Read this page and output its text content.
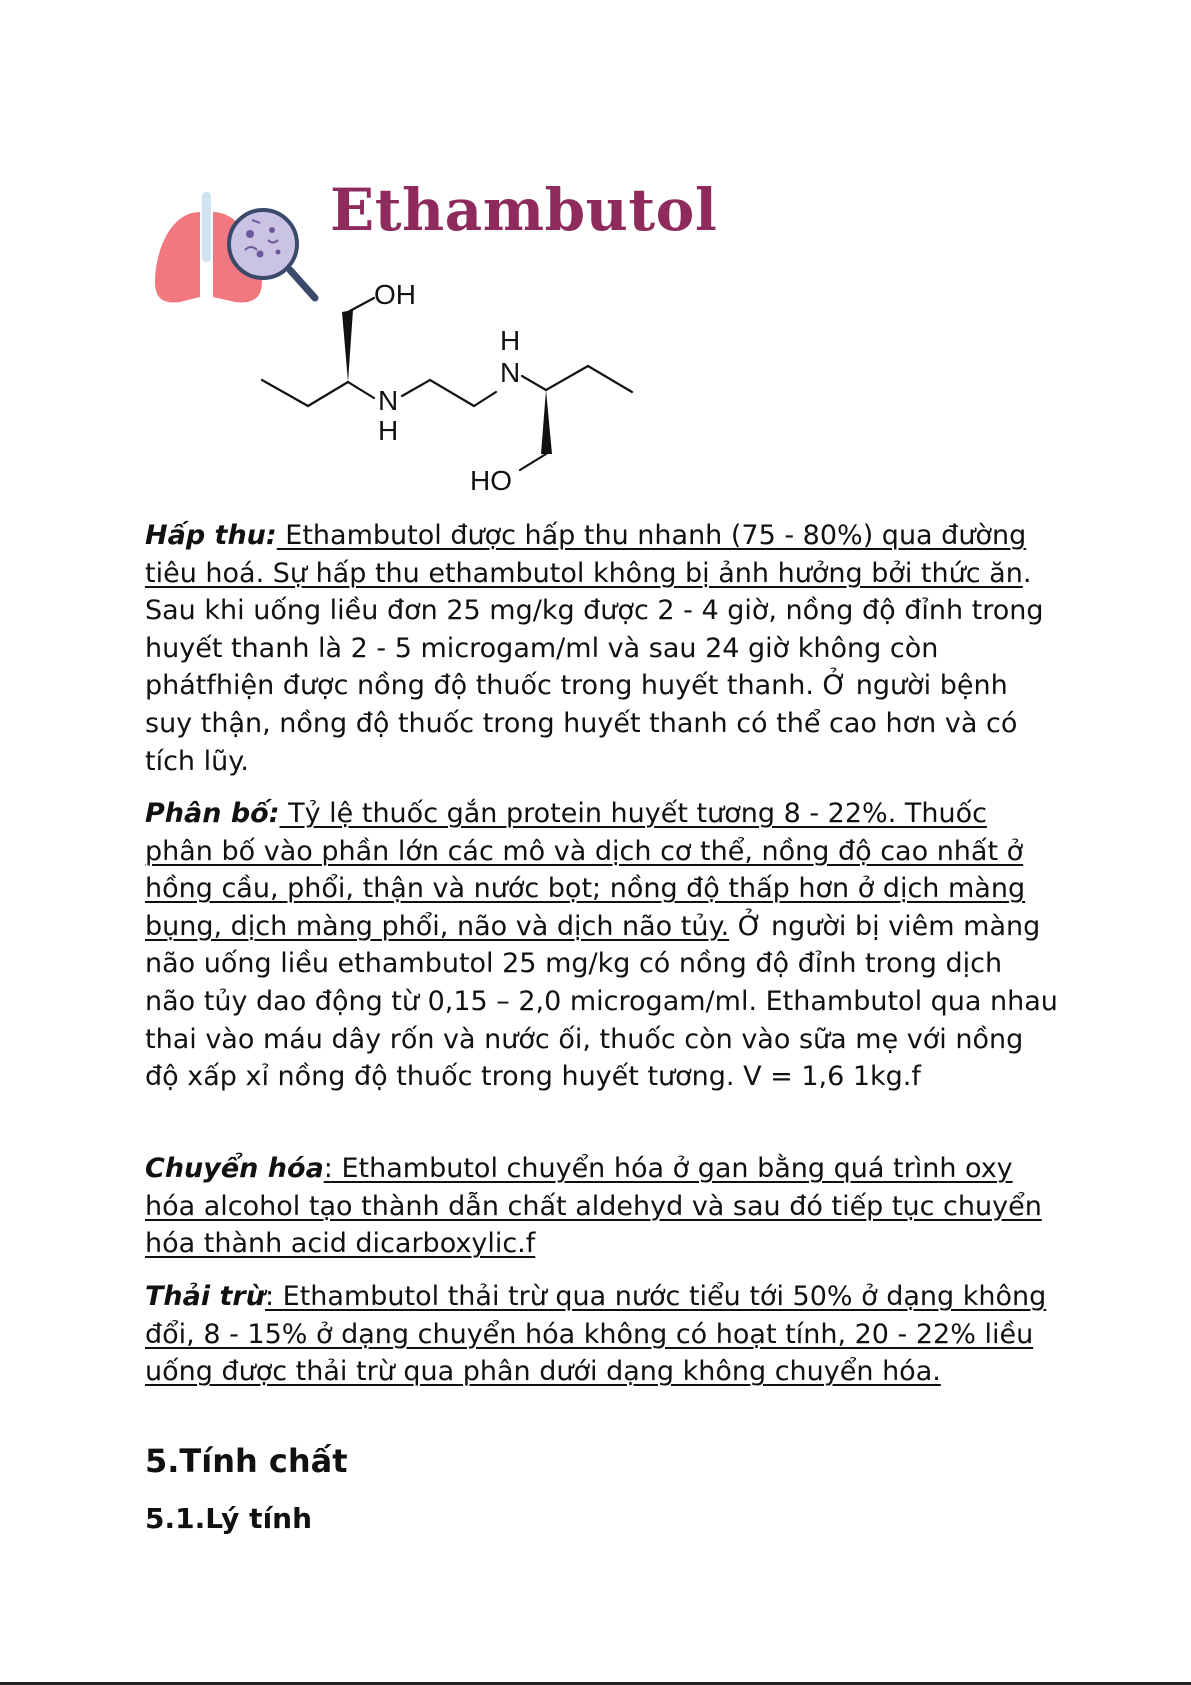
Ethambutol
OH
H
N
N
H
HO

Hấp thu: Ethambutol được hấp thu nhanh (75 - 80%) qua đường tiêu hoá. Sự hấp thu ethambutol không bị ảnh hưởng bởi thức ăn. Sau khi uống liều đơn 25 mg/kg được 2 - 4 giờ, nồng độ đỉnh trong huyết thanh là 2 - 5 microgam/ml và sau 24 giờ không còn phátfhiện được nồng độ thuốc trong huyết thanh. Ở người bệnh suy thận, nồng độ thuốc trong huyết thanh có thể cao hơn và có tích lũy.

Phân bố: Tỷ lệ thuốc gắn protein huyết tương 8 - 22%. Thuốc phân bố vào phần lớn các mô và dịch cơ thể, nồng độ cao nhất ở hồng cầu, phổi, thận và nước bọt; nồng độ thấp hơn ở dịch màng bụng, dịch màng phổi, não và dịch não tủy. Ở người bị viêm màng não uống liều ethambutol 25 mg/kg có nồng độ đỉnh trong dịch não tủy dao động từ 0,15 – 2,0 microgam/ml. Ethambutol qua nhau thai vào máu dây rốn và nước ối, thuốc còn vào sữa mẹ với nồng độ xấp xỉ nồng độ thuốc trong huyết tương. V = 1,6 1kg.f

Chuyển hóa: Ethambutol chuyển hóa ở gan bằng quá trình oxy hóa alcohol tạo thành dẫn chất aldehyd và sau đó tiếp tục chuyển hóa thành acid dicarboxylic.f

Thải trừ: Ethambutol thải trừ qua nước tiểu tới 50% ở dạng không đổi, 8 - 15% ở dạng chuyển hóa không có hoạt tính, 20 - 22% liều uống được thải trừ qua phân dưới dạng không chuyển hóa.

5.Tính chất
5.1.Lý tính
